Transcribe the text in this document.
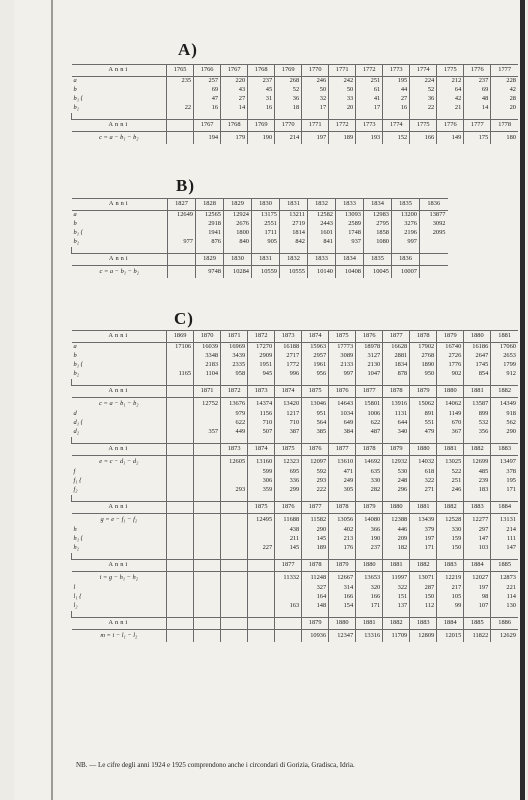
A)
B)
C)
Anni	1765	1766	1767	1768	1769	1770	1771	1772	1773	1774	1775	1776	1777
a	235	257	220	237	268	246	242	251	195	224	212	237	228
b		69	43	45	52	50	50	61	44	52	64	69	42
b₁ {		47	27	31	36	32	33	41	27	36	42	48	28
b₂	22	16	14	16	18	17	20	17	16	22	21	14	20

Anni		1767	1768	1769	1770	1771	1772	1773	1774	1775	1776	1777	1778
c = a − b₁ − b₂		194	179	190	214	197	189	193	152	166	149	175	180
Anni	1827	1828	1829	1830	1831	1832	1833	1834	1835	1836
a	12649	12565	12924	13175	13211	12582	13093	12983	13200	13877
b		2918	2676	2551	2719	2443	2589	2795	3276	3092
b₁ {		1941	1800	1711	1814	1601	1748	1858	2196	2095
b₂	977	876	840	905	842	841	937	1080	997	

Anni		1829	1830	1831	1832	1833	1834	1835	1836	
c = a − b₁ − b₂		9748	10284	10559	10555	10140	10408	10045	10007	
Anni	1869	1870	1871	1872	1873	1874	1875	1876	1877	1878	1879	1880	1881
a	17106	16039	16969	17270	16188	15963	17773	18978	16628	17902	16740	16186	17060
b		3348	3439	2909	2717	2957	3089	3127	2881	2768	2726	2647	2653
b₁ {		2183	2335	1951	1772	1961	2133	2130	1834	1890	1776	1745	1799
b₂	1165	1104	958	945	996	956	997	1047	878	950	902	854	912

Anni		1871	1872	1873	1874	1875	1876	1877	1878	1879	1880	1881	1882
c = a − b₁ − b₂		12752	13676	14374	13420	13046	14643	15801	13916	15062	14062	13587	14349
d			979	1156	1217	951	1034	1006	1131	891	1149	899	918
d₁ {			622	710	710	564	649	622	644	551	670	532	562
d₂		357	449	507	387	385	384	487	340	479	367	356	290

Anni			1873	1874	1875	1876	1877	1878	1879	1880	1881	1882	1883
e = c − d₁ − d₂			12605	13160	12323	12097	13610	14692	12932	14032	13025	12699	13497
f				599	695	592	471	635	530	618	522	485	378
f₁ {				306	336	293	249	330	248	322	251	239	195
f₂			293	359	299	222	305	282	296	271	246	183	171

Anni				1875	1876	1877	1878	1879	1880	1881	1882	1883	1884
g = e − f₁ − f₂				12495	11688	11582	13056	14080	12388	13439	12528	12277	13131
h					438	290	402	366	446	379	330	297	214
h₁ {					211	145	213	190	209	197	159	147	111
h₂				227	145	189	176	237	182	171	150	103	147

Anni					1877	1878	1879	1880	1881	1882	1883	1884	1885
i = g − h₁ − h₂					11332	11248	12667	13653	11997	13071	12219	12027	12873
l						327	314	320	322	287	217	197	221
l₁ {						164	166	166	151	150	105	98	114
l₂					163	148	154	171	137	112	99	107	130

Anni						1879	1880	1881	1882	1883	1884	1885	1886
m = i − l₁ − l₂						10936	12347	13316	11709	12809	12015	11822	12629
NB. — Le cifre degli anni 1924 e 1925 comprendono anche i circondari di Gorizia, Gradisca, Idria.
